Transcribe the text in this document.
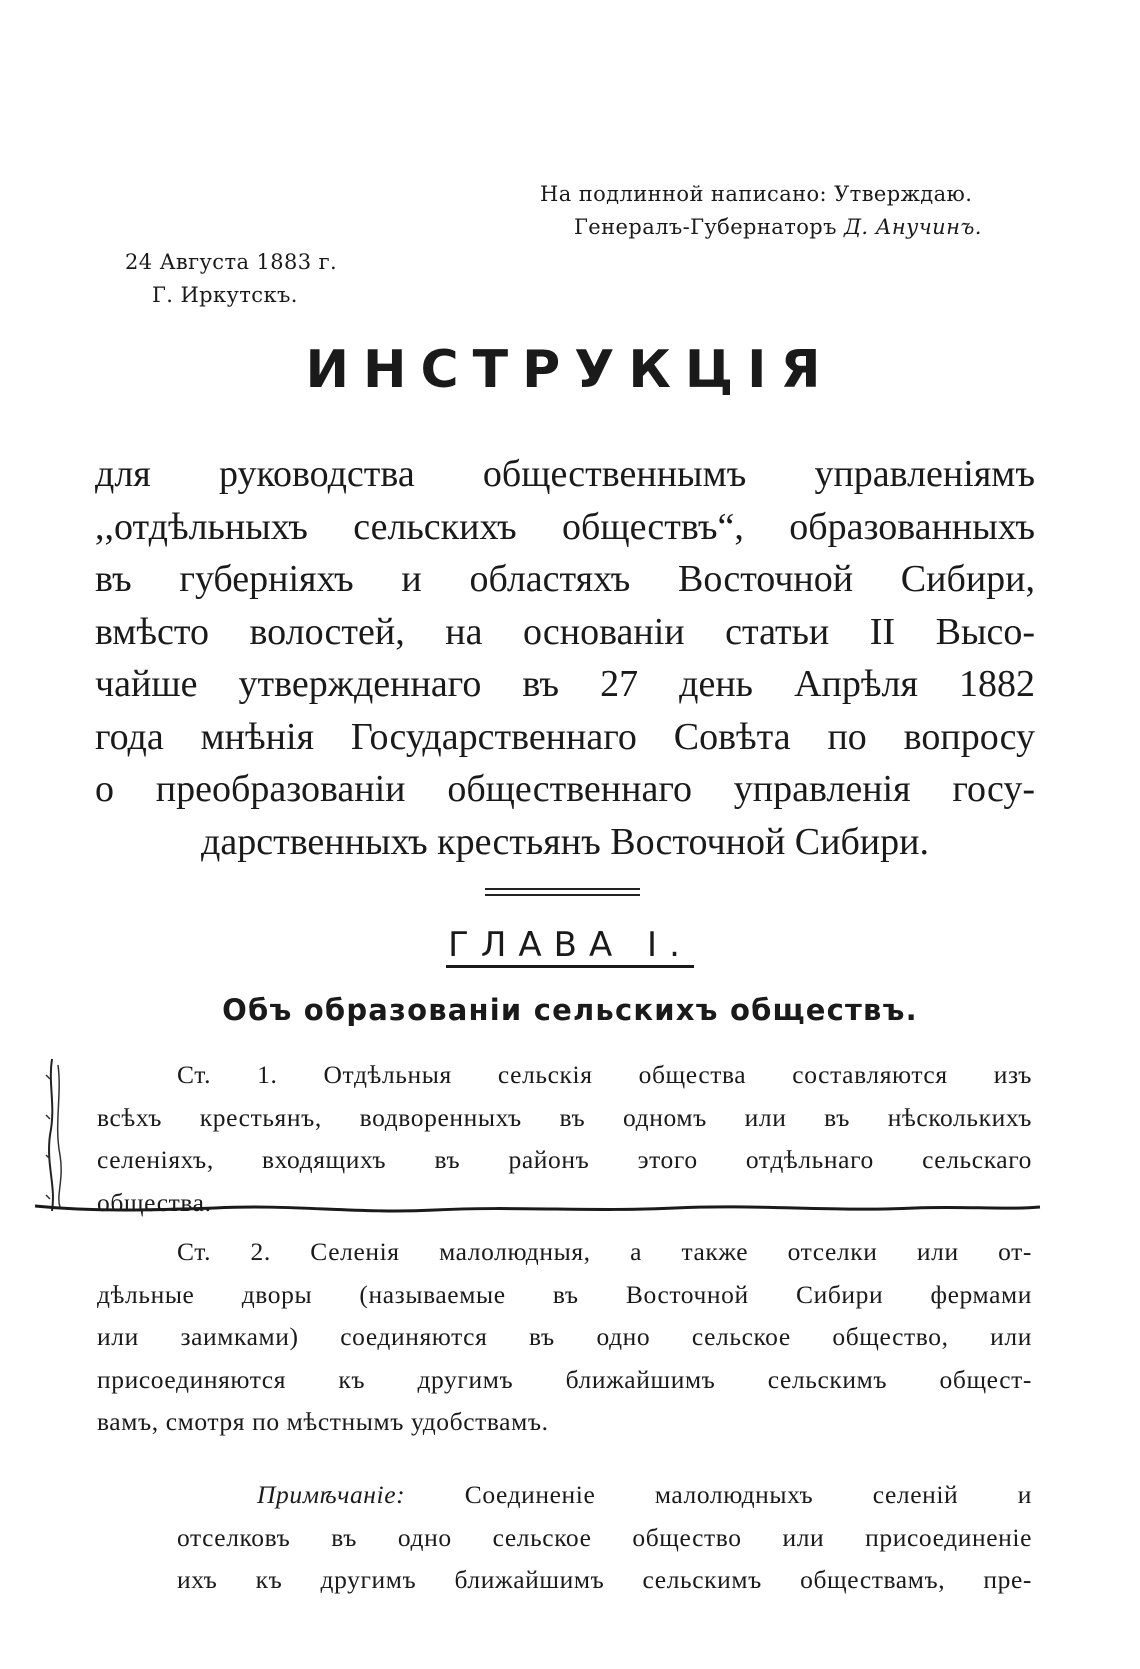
На подлинной написано: Утверждаю.
Генералъ-Губернаторъ Д. Анучинъ.
24 Августа 1883 г.
Г. Иркутскъ.
ИНСТРУКЦІЯ
для руководства общественнымъ управленіямъ
,,отдѣльныхъ сельскихъ обществъ“, образованныхъ
въ губерніяхъ и областяхъ Восточной Сибири,
вмѣсто волостей, на основаніи статьи II Высо-
чайше утвержденнаго въ 27 день Апрѣля 1882
года мнѣнія Государственнаго Совѣта по вопросу
о преобразованіи общественнаго управленія госу-
дарственныхъ крестьянъ Восточной Сибири.
ГЛАВА I.
Объ образованіи сельскихъ обществъ.
Ст. 1. Отдѣльныя сельскія общества составляются изъ
всѣхъ крестьянъ, водворенныхъ въ одномъ или въ нѣсколькихъ
селеніяхъ, входящихъ въ районъ этого отдѣльнаго сельскаго
общества.
Ст. 2. Селенія малолюдныя, а также отселки или от-
дѣльные дворы (называемые въ Восточной Сибири фермами
или заимками) соединяются въ одно сельское общество, или
присоединяются къ другимъ ближайшимъ сельскимъ общест-
вамъ, смотря по мѣстнымъ удобствамъ.
Примѣчаніе: Соединеніе малолюдныхъ селеній и
отселковъ въ одно сельское общество или присоединеніе
ихъ къ другимъ ближайшимъ сельскимъ обществамъ, пре-
